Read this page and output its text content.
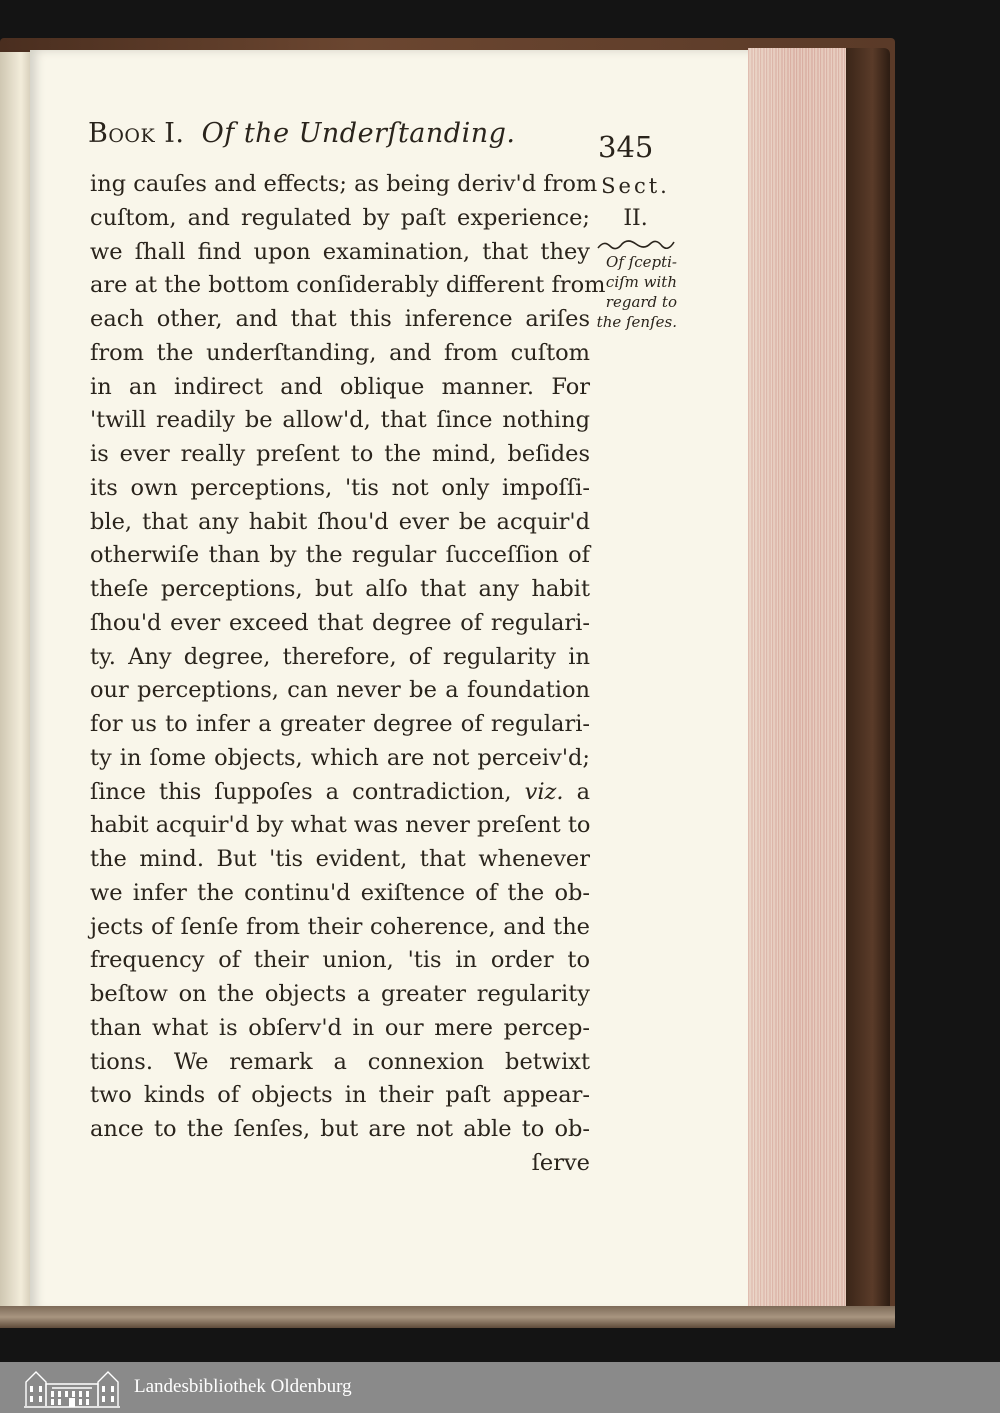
Book I. Of the Underſtanding.	345
ing cauſes and effects; as being deriv'd from
cuſtom, and regulated by paſt experience;
we ſhall find upon examination, that they
are at the bottom conſiderably different from
each other, and that this inference ariſes
from the underſtanding, and from cuſtom
in an indirect and oblique manner. For
'twill readily be allow'd, that ſince nothing
is ever really preſent to the mind, beſides
its own perceptions, 'tis not only impoſſi-
ble, that any habit ſhou'd ever be acquir'd
otherwiſe than by the regular ſucceſſion of
theſe perceptions, but alſo that any habit
ſhou'd ever exceed that degree of regulari-
ty. Any degree, therefore, of regularity in
our perceptions, can never be a foundation
for us to infer a greater degree of regulari-
ty in ſome objects, which are not perceiv'd;
ſince this ſuppoſes a contradiction, viz. a
habit acquir'd by what was never preſent to
the mind. But 'tis evident, that whenever
we infer the continu'd exiſtence of the ob-
jects of ſenſe from their coherence, and the
frequency of their union, 'tis in order to
beſtow on the objects a greater regularity
than what is obſerv'd in our mere percep-
tions. We remark a connexion betwixt
two kinds of objects in their paſt appear-
ance to the ſenſes, but are not able to ob-
ſerve
Sect.
II.
Of ſcepti-
ciſm with
regard to
the ſenſes.
Landesbibliothek Oldenburg
